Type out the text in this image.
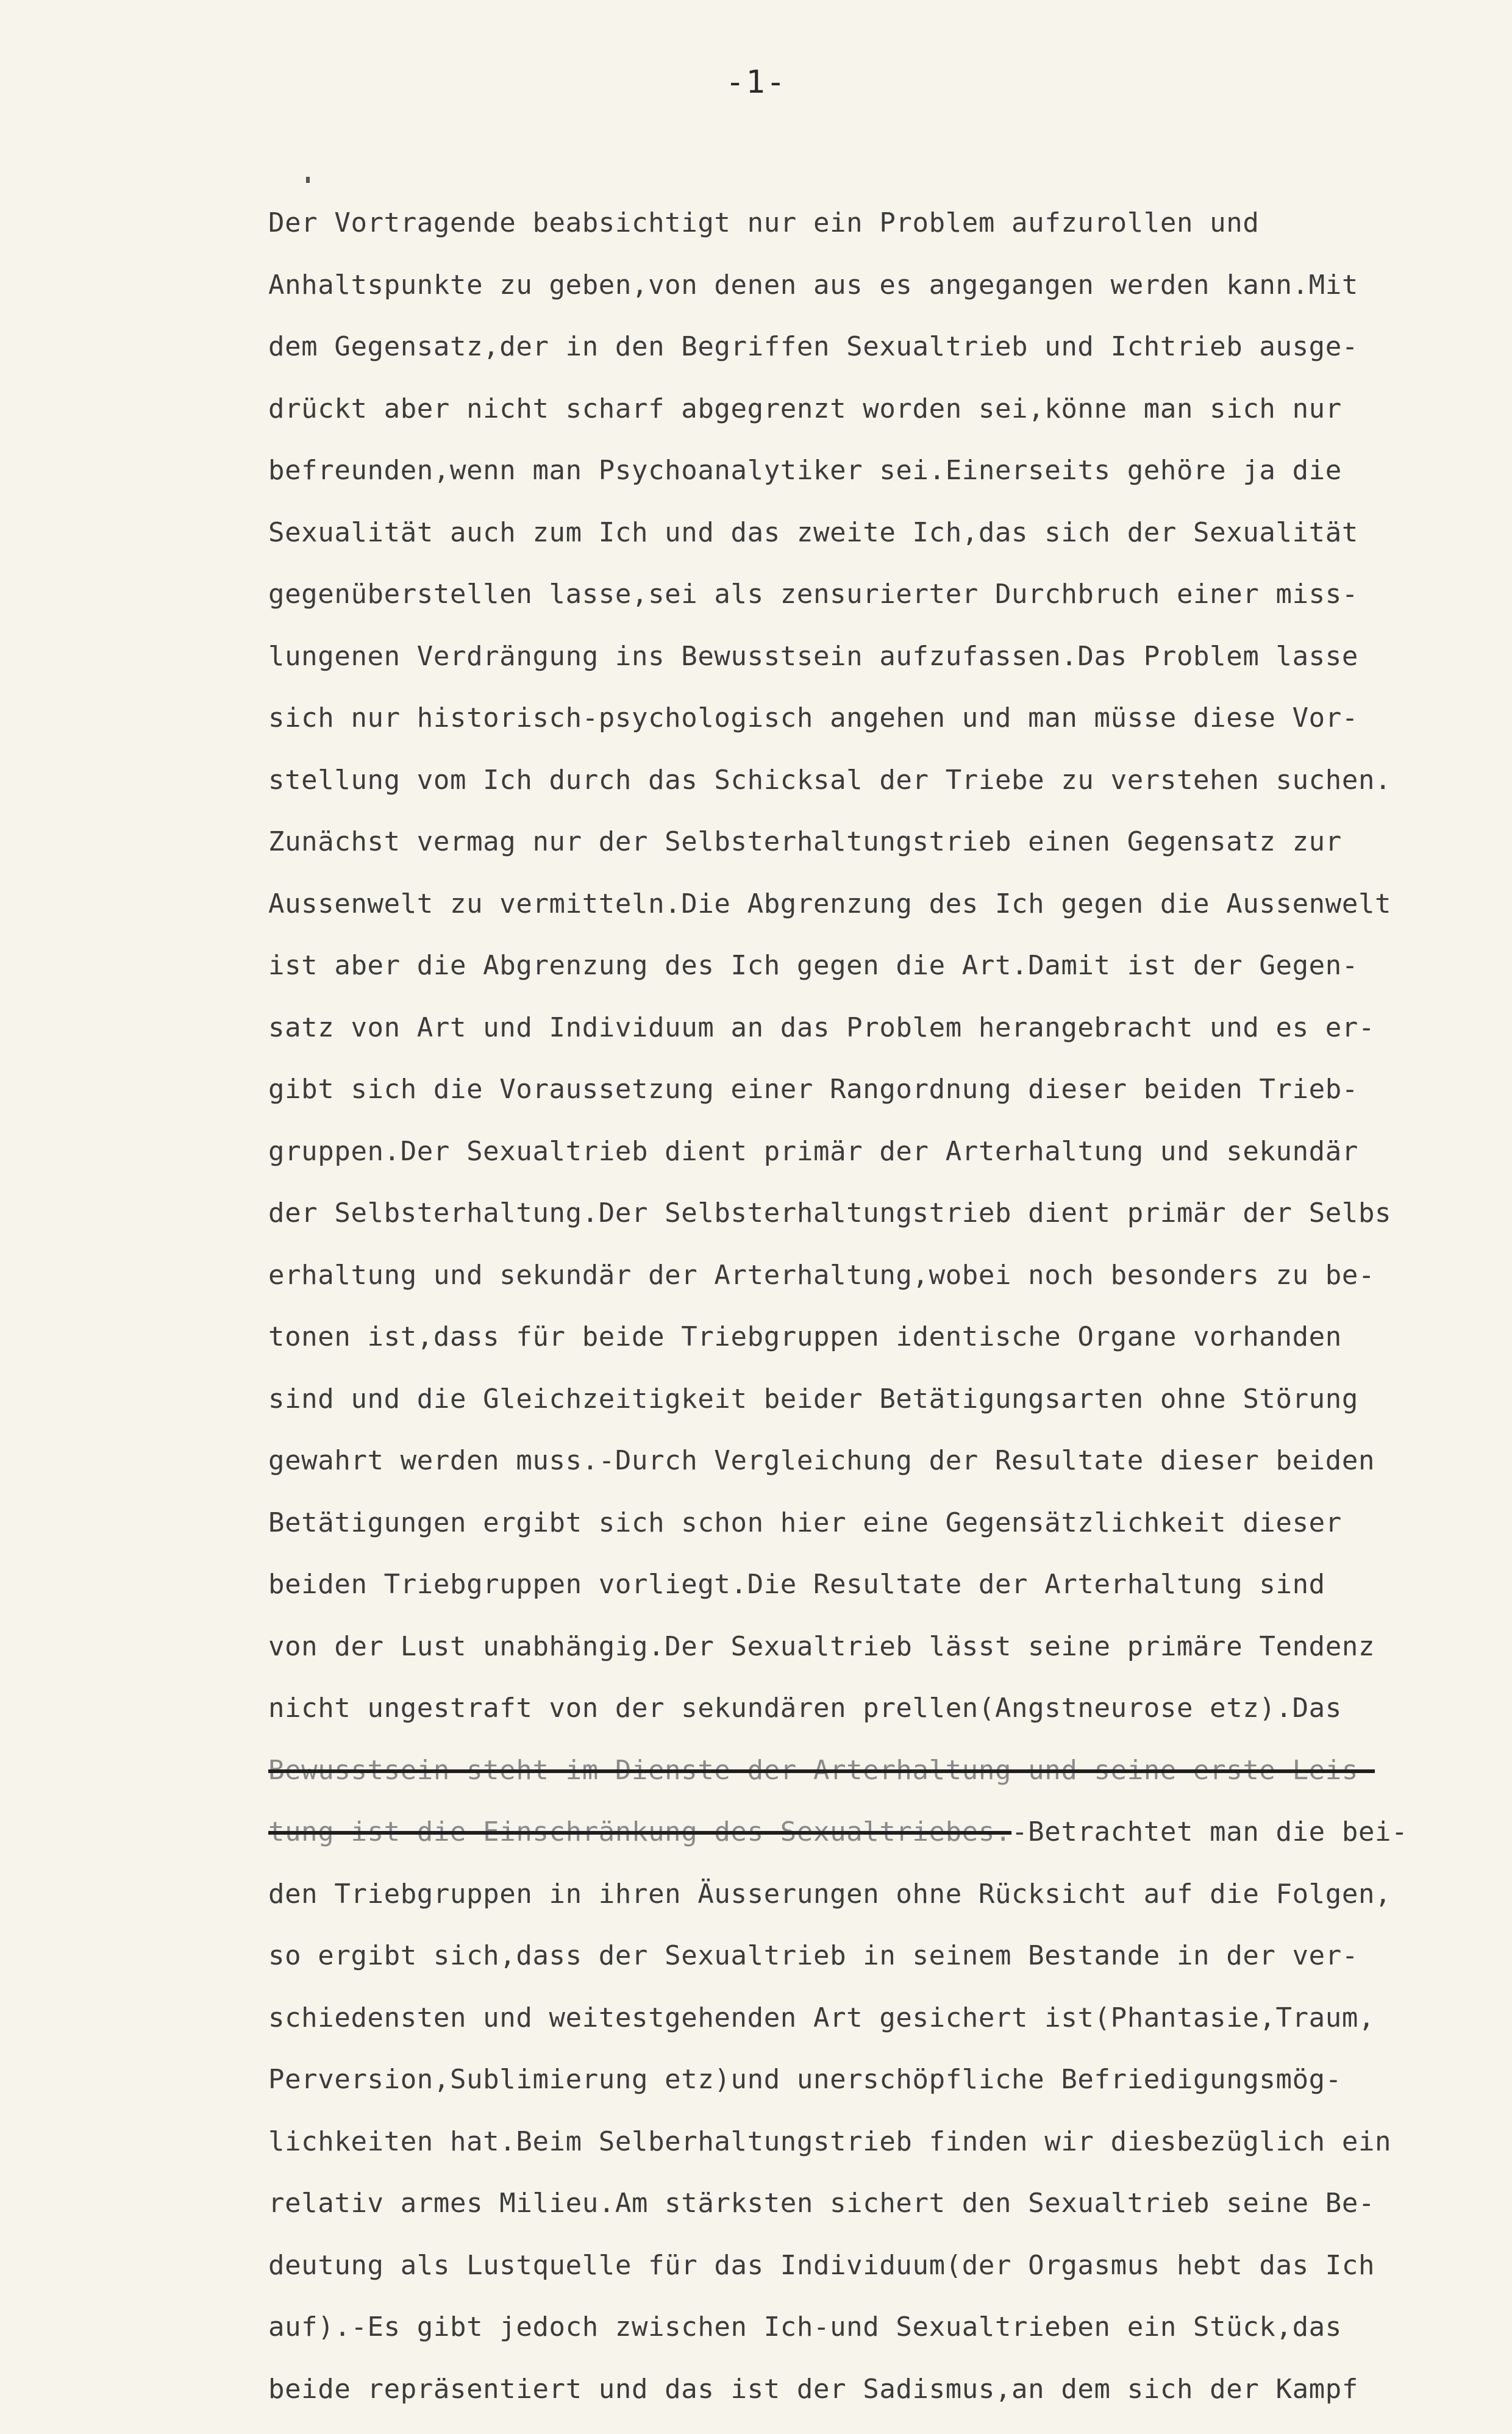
-1-
Der Vortragende beabsichtigt nur ein Problem aufzurollen und
Anhaltspunkte zu geben,von denen aus es angegangen werden kann.Mit
dem Gegensatz,der in den Begriffen Sexualtrieb und Ichtrieb ausge-
drückt aber nicht scharf abgegrenzt worden sei,könne man sich nur
befreunden,wenn man Psychoanalytiker sei.Einerseits gehöre ja die
Sexualität auch zum Ich und das zweite Ich,das sich der Sexualität
gegenüberstellen lasse,sei als zensurierter Durchbruch einer miss-
lungenen Verdrängung ins Bewusstsein aufzufassen.Das Problem lasse
sich nur historisch-psychologisch angehen und man müsse diese Vor-
stellung vom Ich durch das Schicksal der Triebe zu verstehen suchen.
Zunächst vermag nur der Selbsterhaltungstrieb einen Gegensatz zur
Aussenwelt zu vermitteln.Die Abgrenzung des Ich gegen die Aussenwelt
ist aber die Abgrenzung des Ich gegen die Art.Damit ist der Gegen-
satz von Art und Individuum an das Problem herangebracht und es er-
gibt sich die Voraussetzung einer Rangordnung dieser beiden Trieb-
gruppen.Der Sexualtrieb dient primär der Arterhaltung und sekundär
der Selbsterhaltung.Der Selbsterhaltungstrieb dient primär der Selbs
erhaltung und sekundär der Arterhaltung,wobei noch besonders zu be-
tonen ist,dass für beide Triebgruppen identische Organe vorhanden
sind und die Gleichzeitigkeit beider Betätigungsarten ohne Störung
gewahrt werden muss.-Durch Vergleichung der Resultate dieser beiden
Betätigungen ergibt sich schon hier eine Gegensätzlichkeit dieser
beiden Triebgruppen vorliegt.Die Resultate der Arterhaltung sind
von der Lust unabhängig.Der Sexualtrieb lässt seine primäre Tendenz
nicht ungestraft von der sekundären prellen(Angstneurose etz).Das
Bewusstsein steht im Dienste der Arterhaltung und seine erste Leis-
tung ist die Einschränkung des Sexualtriebes.-Betrachtet man die bei-
den Triebgruppen in ihren Äusserungen ohne Rücksicht auf die Folgen,
so ergibt sich,dass der Sexualtrieb in seinem Bestande in der ver-
schiedensten und weitestgehenden Art gesichert ist(Phantasie,Traum,
Perversion,Sublimierung etz)und unerschöpfliche Befriedigungsmög-
lichkeiten hat.Beim Selberhaltungstrieb finden wir diesbezüglich ein
relativ armes Milieu.Am stärksten sichert den Sexualtrieb seine Be-
deutung als Lustquelle für das Individuum(der Orgasmus hebt das Ich
auf).-Es gibt jedoch zwischen Ich-und Sexualtrieben ein Stück,das
beide repräsentiert und das ist der Sadismus,an dem sich der Kampf
